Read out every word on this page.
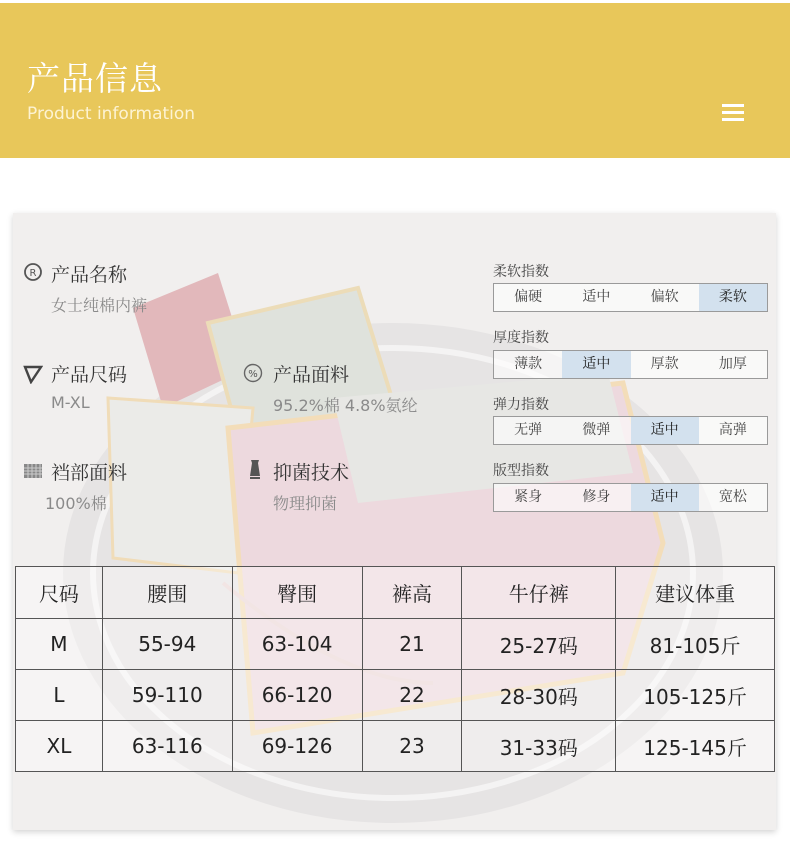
产品信息
Product information
R 产品名称
女士纯棉内裤
产品尺码
M-XL
% 产品面料
95.2%棉 4.8%氨纶
裆部面料
100%棉
抑菌技术
物理抑菌
柔软指数
偏硬	适中	偏软	柔软
厚度指数
薄款	适中	厚款	加厚
弹力指数
无弹	微弹	适中	高弹
版型指数
紧身	修身	适中	宽松
尺码	腰围	臀围	裤高	牛仔裤	建议体重
M	55-94	63-104	21	25-27码	81-105斤
L	59-110	66-120	22	28-30码	105-125斤
XL	63-116	69-126	23	31-33码	125-145斤
